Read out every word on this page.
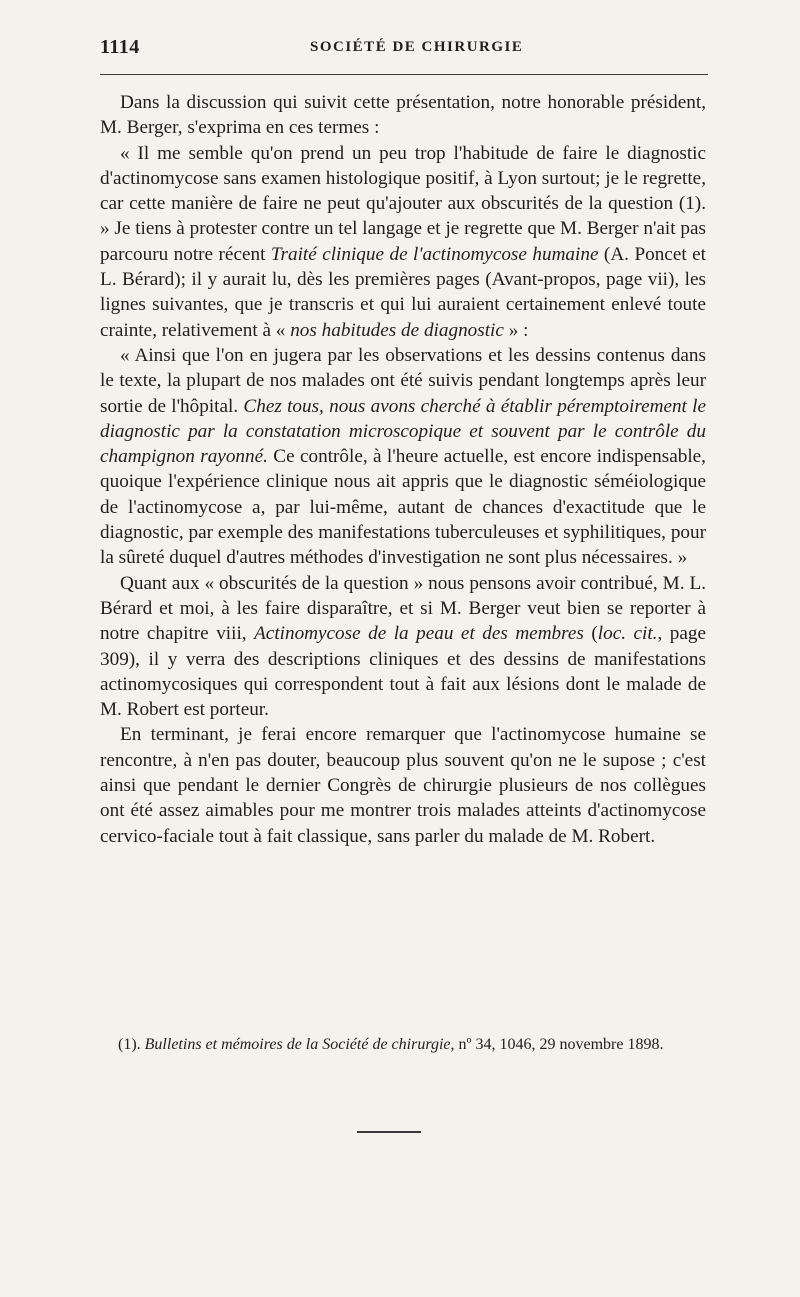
1114	SOCIÉTÉ DE CHIRURGIE

Dans la discussion qui suivit cette présentation, notre honorable président, M. Berger, s'exprima en ces termes :

« Il me semble qu'on prend un peu trop l'habitude de faire le diagnostic d'actinomycose sans examen histologique positif, à Lyon surtout; je le regrette, car cette manière de faire ne peut qu'ajouter aux obscurités de la question (1). » Je tiens à protester contre un tel langage et je regrette que M. Berger n'ait pas parcouru notre récent Traité clinique de l'actinomycose humaine (A. Poncet et L. Bérard); il y aurait lu, dès les premières pages (Avant-propos, page vii), les lignes suivantes, que je transcris et qui lui auraient certainement enlevé toute crainte, relativement à « nos habitudes de diagnostic » :

« Ainsi que l'on en jugera par les observations et les dessins contenus dans le texte, la plupart de nos malades ont été suivis pendant longtemps après leur sortie de l'hôpital. Chez tous, nous avons cherché à établir péremptoirement le diagnostic par la constatation microscopique et souvent par le contrôle du champignon rayonné. Ce contrôle, à l'heure actuelle, est encore indispensable, quoique l'expérience clinique nous ait appris que le diagnostic séméiologique de l'actinomycose a, par lui-même, autant de chances d'exactitude que le diagnostic, par exemple des manifestations tuberculeuses et syphilitiques, pour la sûreté duquel d'autres méthodes d'investigation ne sont plus nécessaires. »

Quant aux « obscurités de la question » nous pensons avoir contribué, M. L. Bérard et moi, à les faire disparaître, et si M. Berger veut bien se reporter à notre chapitre viii, Actinomycose de la peau et des membres (loc. cit., page 309), il y verra des descriptions cliniques et des dessins de manifestations actinomycosiques qui correspondent tout à fait aux lésions dont le malade de M. Robert est porteur.

En terminant, je ferai encore remarquer que l'actinomycose humaine se rencontre, à n'en pas douter, beaucoup plus souvent qu'on ne le supose ; c'est ainsi que pendant le dernier Congrès de chirurgie plusieurs de nos collègues ont été assez aimables pour me montrer trois malades atteints d'actinomycose cervico-faciale tout à fait classique, sans parler du malade de M. Robert.

(1). Bulletins et mémoires de la Société de chirurgie, nº 34, 1046, 29 novembre 1898.
